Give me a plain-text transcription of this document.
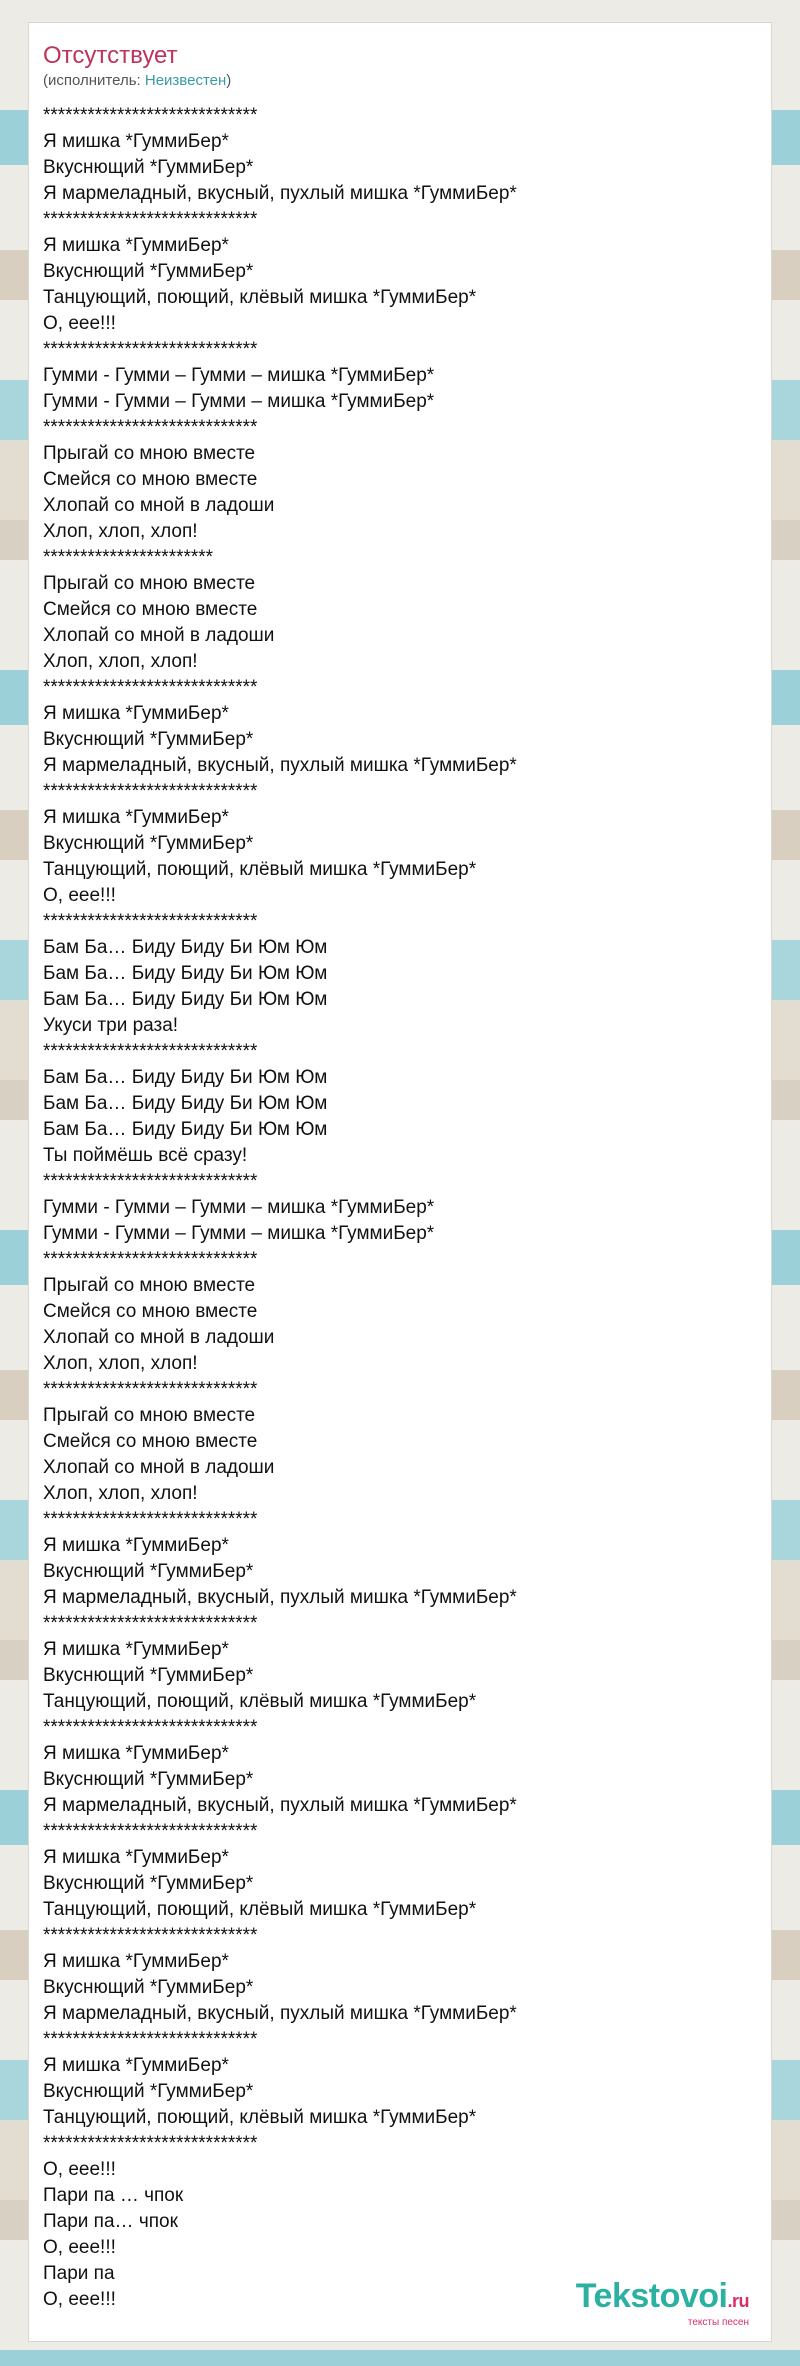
Отсутствует
(исполнитель: Неизвестен)
*****************************
Я мишка *ГуммиБер*
Вкуснющий *ГуммиБер*
Я мармеладный, вкусный, пухлый мишка *ГуммиБер*
*****************************
Я мишка *ГуммиБер*
Вкуснющий *ГуммиБер*
Танцующий, поющий, клёвый мишка *ГуммиБер*
О, еее!!!
*****************************
Гумми - Гумми – Гумми – мишка *ГуммиБер*
Гумми - Гумми – Гумми – мишка *ГуммиБер*
*****************************
Прыгай со мною вместе
Смейся со мною вместе
Хлопай со мной в ладоши
Хлоп, хлоп, хлоп!
***********************
Прыгай со мною вместе
Смейся со мною вместе
Хлопай со мной в ладоши
Хлоп, хлоп, хлоп!
*****************************
Я мишка *ГуммиБер*
Вкуснющий *ГуммиБер*
Я мармеладный, вкусный, пухлый мишка *ГуммиБер*
*****************************
Я мишка *ГуммиБер*
Вкуснющий *ГуммиБер*
Танцующий, поющий, клёвый мишка *ГуммиБер*
О, еее!!!
*****************************
Бам Ба… Биду Биду Би Юм Юм
Бам Ба… Биду Биду Би Юм Юм
Бам Ба… Биду Биду Би Юм Юм
Укуси три раза!
*****************************
Бам Ба… Биду Биду Би Юм Юм
Бам Ба… Биду Биду Би Юм Юм
Бам Ба… Биду Биду Би Юм Юм
Ты поймёшь всё сразу!
*****************************
Гумми - Гумми – Гумми – мишка *ГуммиБер*
Гумми - Гумми – Гумми – мишка *ГуммиБер*
*****************************
Прыгай со мною вместе
Смейся со мною вместе
Хлопай со мной в ладоши
Хлоп, хлоп, хлоп!
*****************************
Прыгай со мною вместе
Смейся со мною вместе
Хлопай со мной в ладоши
Хлоп, хлоп, хлоп!
*****************************
Я мишка *ГуммиБер*
Вкуснющий *ГуммиБер*
Я мармеладный, вкусный, пухлый мишка *ГуммиБер*
*****************************
Я мишка *ГуммиБер*
Вкуснющий *ГуммиБер*
Танцующий, поющий, клёвый мишка *ГуммиБер*
*****************************
Я мишка *ГуммиБер*
Вкуснющий *ГуммиБер*
Я мармеладный, вкусный, пухлый мишка *ГуммиБер*
*****************************
Я мишка *ГуммиБер*
Вкуснющий *ГуммиБер*
Танцующий, поющий, клёвый мишка *ГуммиБер*
*****************************
Я мишка *ГуммиБер*
Вкуснющий *ГуммиБер*
Я мармеладный, вкусный, пухлый мишка *ГуммиБер*
*****************************
Я мишка *ГуммиБер*
Вкуснющий *ГуммиБер*
Танцующий, поющий, клёвый мишка *ГуммиБер*
*****************************
О, еее!!!
Пари па … чпок
Пари па… чпок
О, еее!!!
Пари па
О, еее!!!	Tekstovoi.ru
тексты песен
